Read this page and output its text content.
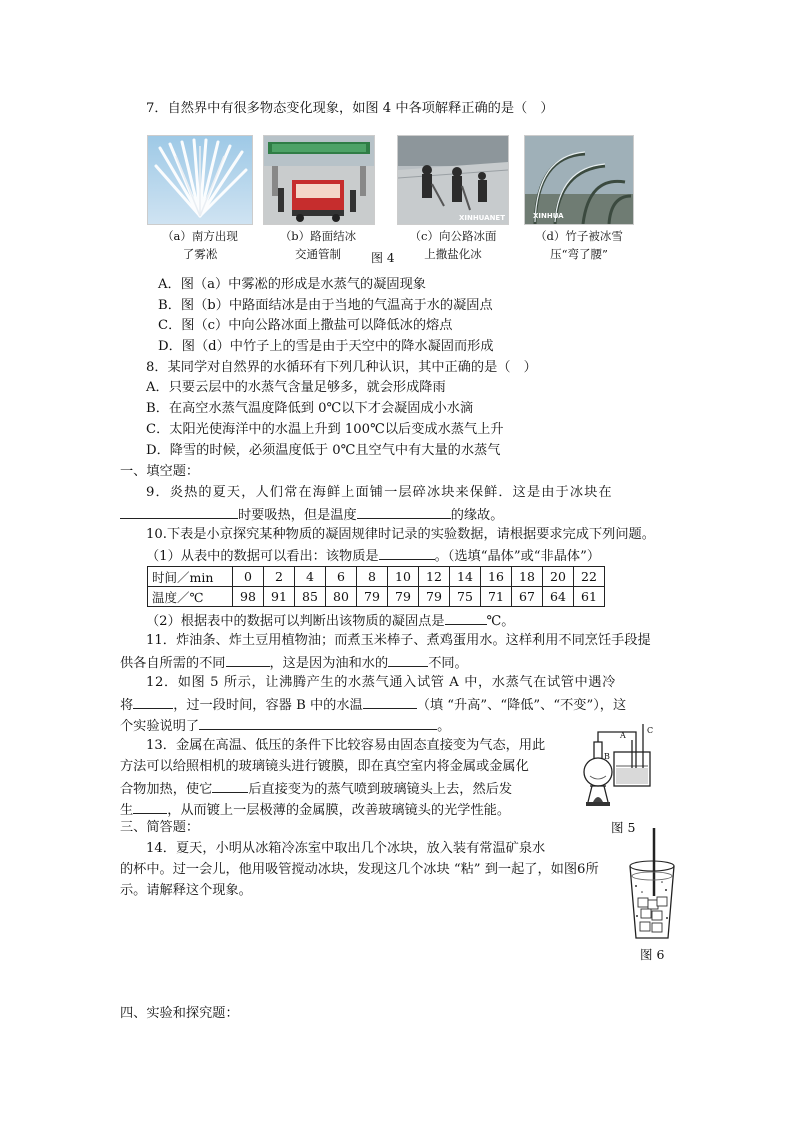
7．自然界中有很多物态变化现象，如图 4 中各项解释正确的是（　）
（a）南方出现
了雾凇
（b）路面结冰
交通管制	图 4
XINHUANET
（c）向公路冰面
上撒盐化冰
XINHUA
（d）竹子被冰雪
压“弯了腰”
A．图（a）中雾凇的形成是水蒸气的凝固现象
B．图（b）中路面结冰是由于当地的气温高于水的凝固点
C．图（c）中向公路冰面上撒盐可以降低冰的熔点
D．图（d）中竹子上的雪是由于天空中的降水凝固而形成
8．某同学对自然界的水循环有下列几种认识，其中正确的是（　）
A．只要云层中的水蒸气含量足够多，就会形成降雨
B．在高空水蒸气温度降低到 0℃以下才会凝固成小水滴
C．太阳光使海洋中的水温上升到 100℃以后变成水蒸气上升
D．降雪的时候，必须温度低于 0℃且空气中有大量的水蒸气
一、填空题：
9．炎热的夏天，人们常在海鲜上面铺一层碎冰块来保鲜．这是由于冰块在
时要吸热，但是温度	的缘故。
10.下表是小京探究某种物质的凝固规律时记录的实验数据，请根据要求完成下列问题。
（1）从表中的数据可以看出：该物质是	。（选填“晶体”或“非晶体”）
时间／min	0	2	4	6	8	10	12	14	16	18	20	22
温度／℃	98	91	85	80	79	79	79	75	71	67	64	61
（2）根据表中的数据可以判断出该物质的凝固点是	℃。
11．炸油条、炸土豆用植物油；而煮玉米棒子、煮鸡蛋用水。这样利用不同烹饪手段提
供各自所需的不同	，这是因为油和水的	不同。
12．如图 5 所示，让沸腾产生的水蒸气通入试管 A 中，水蒸气在试管中遇冷
将	，过一段时间，容器 B 中的水温	（填 “升高”、“降低”、“不变”），这
个实验说明了	。
13．金属在高温、低压的条件下比较容易由固态直接变为气态，用此
方法可以给照相机的玻璃镜头进行镀膜，即在真空室内将金属或金属化
合物加热，使它	后直接变为的蒸气喷到玻璃镜头上去，然后发
生	，从而镀上一层极薄的金属膜，改善玻璃镜头的光学性能。
A
B
C
图 5
三、简答题：
14．夏天，小明从冰箱冷冻室中取出几个冰块，放入装有常温矿泉水
的杯中。过一会儿，他用吸管搅动冰块，发现这几个冰块 “粘” 到一起了，如图6所
示。请解释这个现象。
图 6
四、实验和探究题：
